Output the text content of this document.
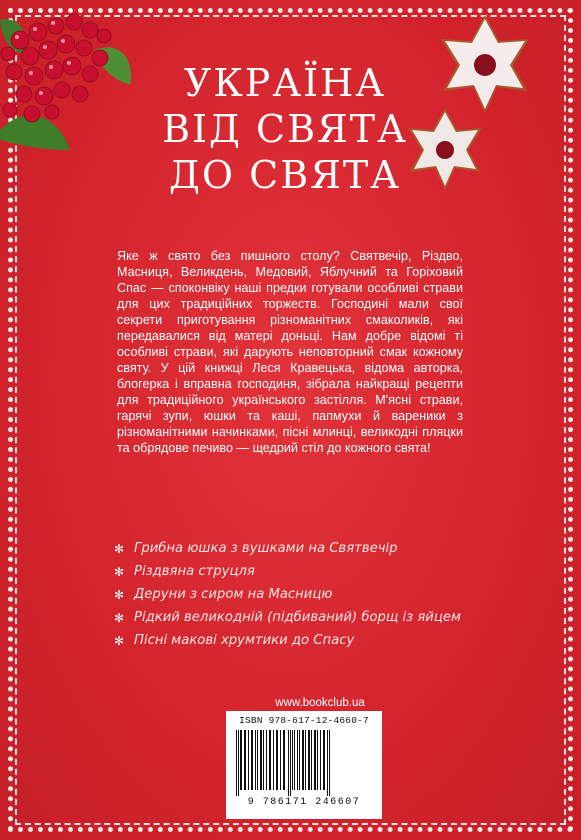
УКРАЇНА
ВІД СВЯТА
ДО СВЯТА

Яке ж свято без пишного столу? Святвечір, Різдво, Масниця, Великдень, Медовий, Яблучний та Горіховий Спас — споконвіку наші предки готували особливі страви для цих традиційних торжеств. Господині мали свої секрети приготування різноманітних смаколиків, які передавалися від матері доньці. Нам добре відомі ті особливі страви, які дарують неповторний смак кожному святу. У цій книжці Леся Кравецька, відома авторка, блогерка і вправна господиня, зібрала найкращі рецепти для традиційного українського застілля. М'ясні страви, гарячі зупи, юшки та каші, папмухи й вареники з різноманітними начинками, пісні млинці, великодні пляцки та обрядове печиво — щедрий стіл до кожного свята!

✻ Грибна юшка з вушками на Святвечір
✻ Різдвяна струцля
✻ Деруни з сиром на Масницю
✻ Рідкий великодній (підбиваний) борщ із яйцем
✻ Пісні макові хрумтики до Спасу
www.bookclub.ua
ISBN 978-617-12-4660-7
9 786171 246607
